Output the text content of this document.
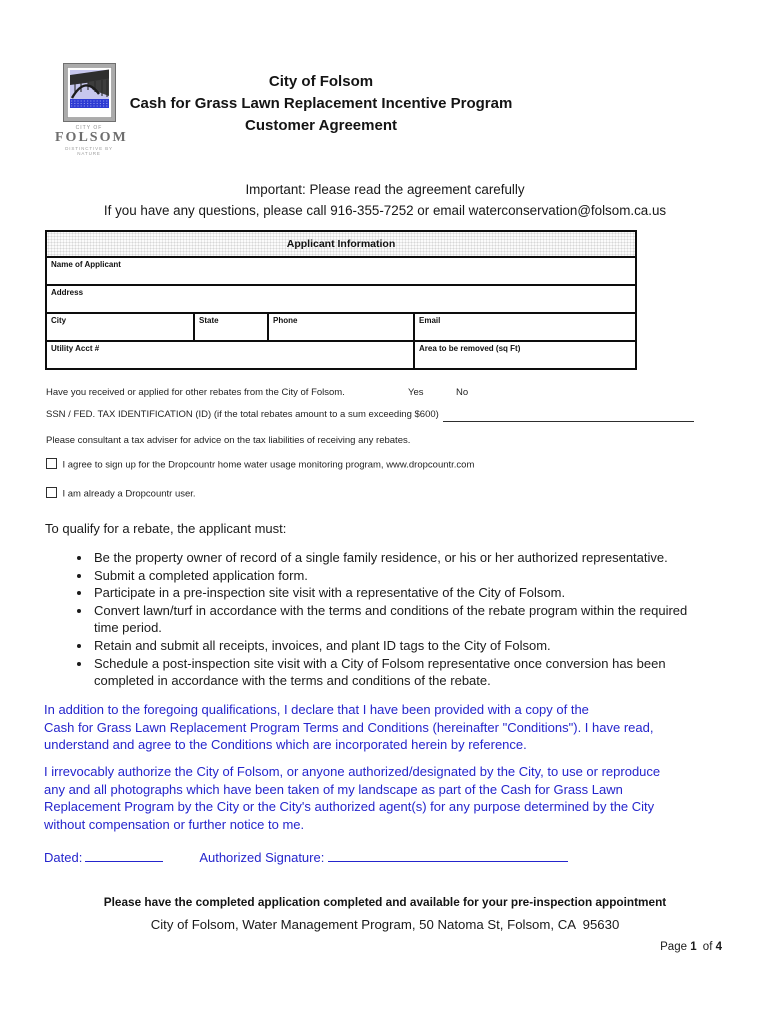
CITY OF
FOLSOM
DISTINCTIVE BY NATURE
City of Folsom
Cash for Grass Lawn Replacement Incentive Program
Customer Agreement
Important: Please read the agreement carefully
If you have any questions, please call 916-355-7252 or email waterconservation@folsom.ca.us
Applicant Information			
Name of Applicant			
Address			
City	State	Phone	Email
Utility Acct #			Area to be removed (sq Ft)
Have you received or applied for other rebates from the City of Folsom.	Yes	No
SSN / FED. TAX IDENTIFICATION (ID) (if the total rebates amount to a sum exceeding $600)
Please consultant a tax adviser for advice on the tax liabilities of receiving any rebates.
I agree to sign up for the Dropcountr home water usage monitoring program, www.dropcountr.com
I am already a Dropcountr user.
To qualify for a rebate, the applicant must:
• Be the property owner of record of a single family residence, or his or her authorized representative.
• Submit a completed application form.
• Participate in a pre-inspection site visit with a representative of the City of Folsom.
• Convert lawn/turf in accordance with the terms and conditions of the rebate program within the required
time period.
• Retain and submit all receipts, invoices, and plant ID tags to the City of Folsom.
• Schedule a post-inspection site visit with a City of Folsom representative once conversion has been
completed in accordance with the terms and conditions of the rebate.
In addition to the foregoing qualifications, I declare that I have been provided with a copy of the
Cash for Grass Lawn Replacement Program Terms and Conditions (hereinafter "Conditions"). I have read,
understand and agree to the Conditions which are incorporated herein by reference.
I irrevocably authorize the City of Folsom, or anyone authorized/designated by the City, to use or reproduce
any and all photographs which have been taken of my landscape as part of the Cash for Grass Lawn
Replacement Program by the City or the City's authorized agent(s) for any purpose determined by the City
without compensation or further notice to me.
Dated:	Authorized Signature:
Please have the completed application completed and available for your pre-inspection appointment
City of Folsom, Water Management Program, 50 Natoma St, Folsom, CA  95630
Page 1 of 4
